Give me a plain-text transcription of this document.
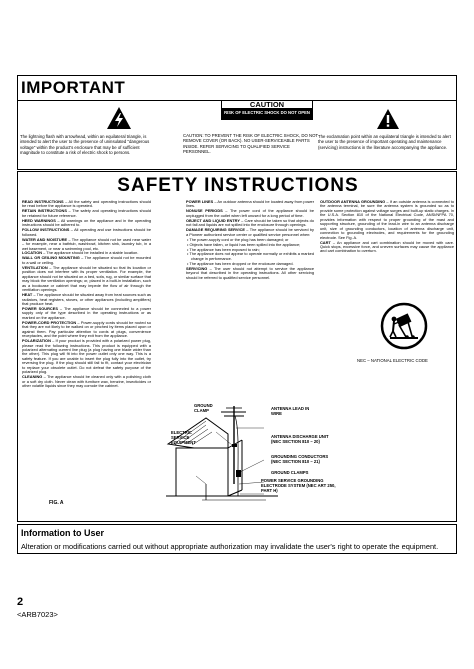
IMPORTANT
CAUTION
RISK OF ELECTRIC SHOCK DO NOT OPEN
The lightning flash with arrowhead, within an equilateral triangle, is intended to alert the user to the presence of uninsulated "dangerous voltage" within the product's enclosure that may be of sufficient magnitude to constitute a risk of electric shock to persons.
CAUTION: TO PREVENT THE RISK OF ELECTRIC SHOCK, DO NOT REMOVE COVER (OR BACK). NO USER-SERVICEABLE PARTS INSIDE. REFER SERVICING TO QUALIFIED SERVICE PERSONNEL.
The exclamation point within an equilateral triangle is intended to alert the user to the presence of important operating and maintenance (servicing) instructions in the literature accompanying the appliance.
SAFETY INSTRUCTIONS

READ INSTRUCTIONS – All the safety and operating instructions should be read before the appliance is operated.

RETAIN INSTRUCTIONS – The safety and operating instructions should be retained for future reference.

HEED WARNINGS – All warnings on the appliance and in the operating instructions should be adhered to.

FOLLOW INSTRUCTIONS – All operating and use instructions should be followed.

WATER AND MOISTURE – The appliance should not be used near water – for example, near a bathtub, washbowl, kitchen sink, laundry tub, in a wet basement, or near a swimming pool, etc.

LOCATION – The appliance should be installed in a stable location.

WALL OR CEILING MOUNTING – The appliance should not be mounted to a wall or ceiling.

VENTILATION – The appliance should be situated so that its location or position does not interfere with its proper ventilation. For example, the appliance should not be situated on a bed, sofa, rug, or similar surface that may block the ventilation openings; or, placed in a built-in installation, such as a bookcase or cabinet that may impede the flow of air through the ventilation openings.

HEAT – The appliance should be situated away from heat sources such as radiators, heat registers, stoves, or other appliances (including amplifiers) that produce heat.

POWER SOURCES – The appliance should be connected to a power supply only of the type described in the operating instructions or as marked on the appliance.

POWER-CORD PROTECTION – Power-supply cords should be routed so that they are not likely to be walked on or pinched by items placed upon or against them. Pay particular attention to cords at plugs, convenience receptacles, and the point where they exit from the appliance.

POLARIZATION – If your product is provided with a polarized power plug, please read the following instructions. This product is equipped with a polarized alternating current line plug (a plug having one blade wider than the other). This plug will fit into the power outlet only one way. This is a safety feature. If you are unable to insert the plug fully into the outlet, try reversing the plug. If the plug should still fail to fit, contact your electrician to replace your obsolete outlet. Do not defeat the safety purpose of the polarized plug.

CLEANING – The appliance should be cleaned only with a polishing cloth or a soft dry cloth. Never clean with furniture wax, benzine, insecticides or other volatile liquids since they may corrode the cabinet.

POWER LINES – An outdoor antenna should be located away from power lines.

NONUSE PERIODS – The power cord of the appliance should be unplugged from the outlet when left unused for a long period of time.

OBJECT AND LIQUID ENTRY – Care should be taken so that objects do not fall and liquids are not spilled into the enclosure through openings.

DAMAGE REQUIRING SERVICE – The appliance should be serviced by a Pioneer authorized service center or qualified service personnel when:

• The power-supply cord or the plug has been damaged; or

• Objects have fallen, or liquid has been spilled into the appliance;

• The appliance has been exposed to rain;

• The appliance does not appear to operate normally or exhibits a marked change in performance.

• The appliance has been dropped or the enclosure damaged.

SERVICING – The user should not attempt to service the appliance beyond that described in the operating instructions. All other servicing should be referred to qualified service personnel.

OUTDOOR ANTENNA GROUNDING – If an outside antenna is connected to the antenna terminal, be sure the antenna system is grounded so as to provide some protection against voltage surges and built-up static charges. In the U.S.A. Section 810 of the National Electrical Code, ANSI/NFPA 70, provides information with respect to proper grounding of the mast and supporting structure, grounding of the lead-in wire to an antenna discharge unit, size of grounding conductors, location of antenna discharge unit, connection to grounding electrodes, and requirements for the grounding electrode. See Fig. A.

CART – An appliance and cart combination should be moved with care. Quick stops, excessive force, and uneven surfaces may cause the appliance and cart combination to overturn.

NEC – NATIONAL ELECTRIC CODE
ANTENNA LEAD IN WIRE
ANTENNA DISCHARGE UNIT (NEC SECTION 810 – 20)
GROUNDING CONDUCTORS (NEC SECTION 810 – 21)
GROUND CLAMPS
POWER SERVICE GROUNDING ELECTRODE SYSTEM (NEC ART 250, PART H)
GROUND CLAMP
ELECTRIC SERVICE EQUIPMENT
FIG. A
Information to User
Alteration or modifications carried out without appropriate authorization may invalidate the user's right to operate the equipment.
2
<ARB7023>
